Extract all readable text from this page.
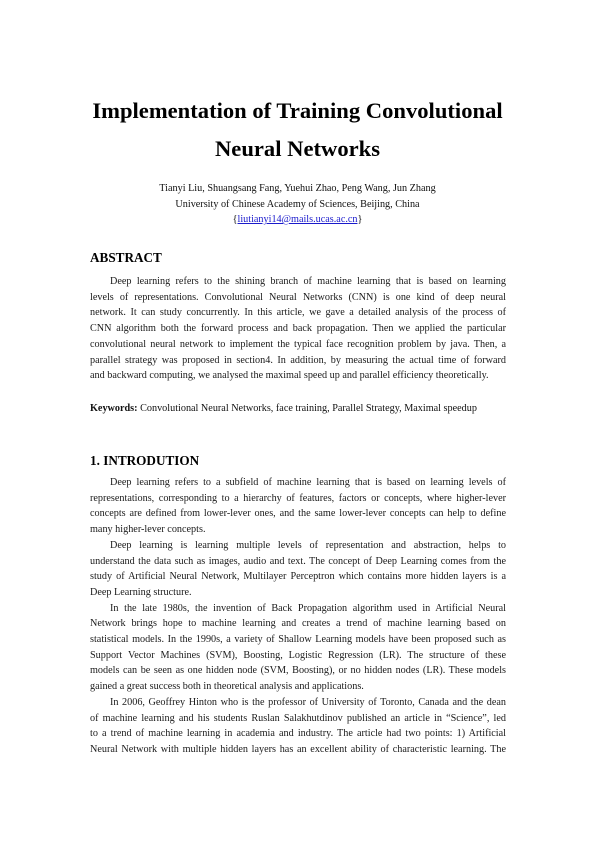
Implementation of Training Convolutional
Neural Networks
Tianyi Liu, Shuangsang Fang, Yuehui Zhao, Peng Wang, Jun Zhang
University of Chinese Academy of Sciences, Beijing, China
{liutianyi14@mails.ucas.ac.cn}
ABSTRACT
Deep learning refers to the shining branch of machine learning that is based on learning
levels of representations. Convolutional Neural Networks (CNN) is one kind of deep neural
network. It can study concurrently. In this article, we gave a detailed analysis of the process of
CNN algorithm both the forward process and back propagation. Then we applied the particular
convolutional neural network to implement the typical face recognition problem by java. Then, a
parallel strategy was proposed in section4. In addition, by measuring the actual time of forward
and backward computing, we analysed the maximal speed up and parallel efficiency theoretically.
Keywords: Convolutional Neural Networks, face training, Parallel Strategy, Maximal speedup
1. INTRODUTION
Deep learning refers to a subfield of machine learning that is based on learning levels of
representations, corresponding to a hierarchy of features, factors or concepts, where higher-lever
concepts are defined from lower-lever ones, and the same lower-lever concepts can help to define
many higher-lever concepts.
Deep learning is learning multiple levels of representation and abstraction, helps to
understand the data such as images, audio and text. The concept of Deep Learning comes from the
study of Artificial Neural Network, Multilayer Perceptron which contains more hidden layers is a
Deep Learning structure.
In the late 1980s, the invention of Back Propagation algorithm used in Artificial Neural
Network brings hope to machine learning and creates a trend of machine learning based on
statistical models. In the 1990s, a variety of Shallow Learning models have been proposed such as
Support Vector Machines (SVM), Boosting, Logistic Regression (LR). The structure of these
models can be seen as one hidden node (SVM, Boosting), or no hidden nodes (LR). These models
gained a great success both in theoretical analysis and applications.
In 2006, Geoffrey Hinton who is the professor of University of Toronto, Canada and the dean
of machine learning and his students Ruslan Salakhutdinov published an article in “Science”, led
to a trend of machine learning in academia and industry. The article had two points: 1) Artificial
Neural Network with multiple hidden layers has an excellent ability of characteristic learning. The
